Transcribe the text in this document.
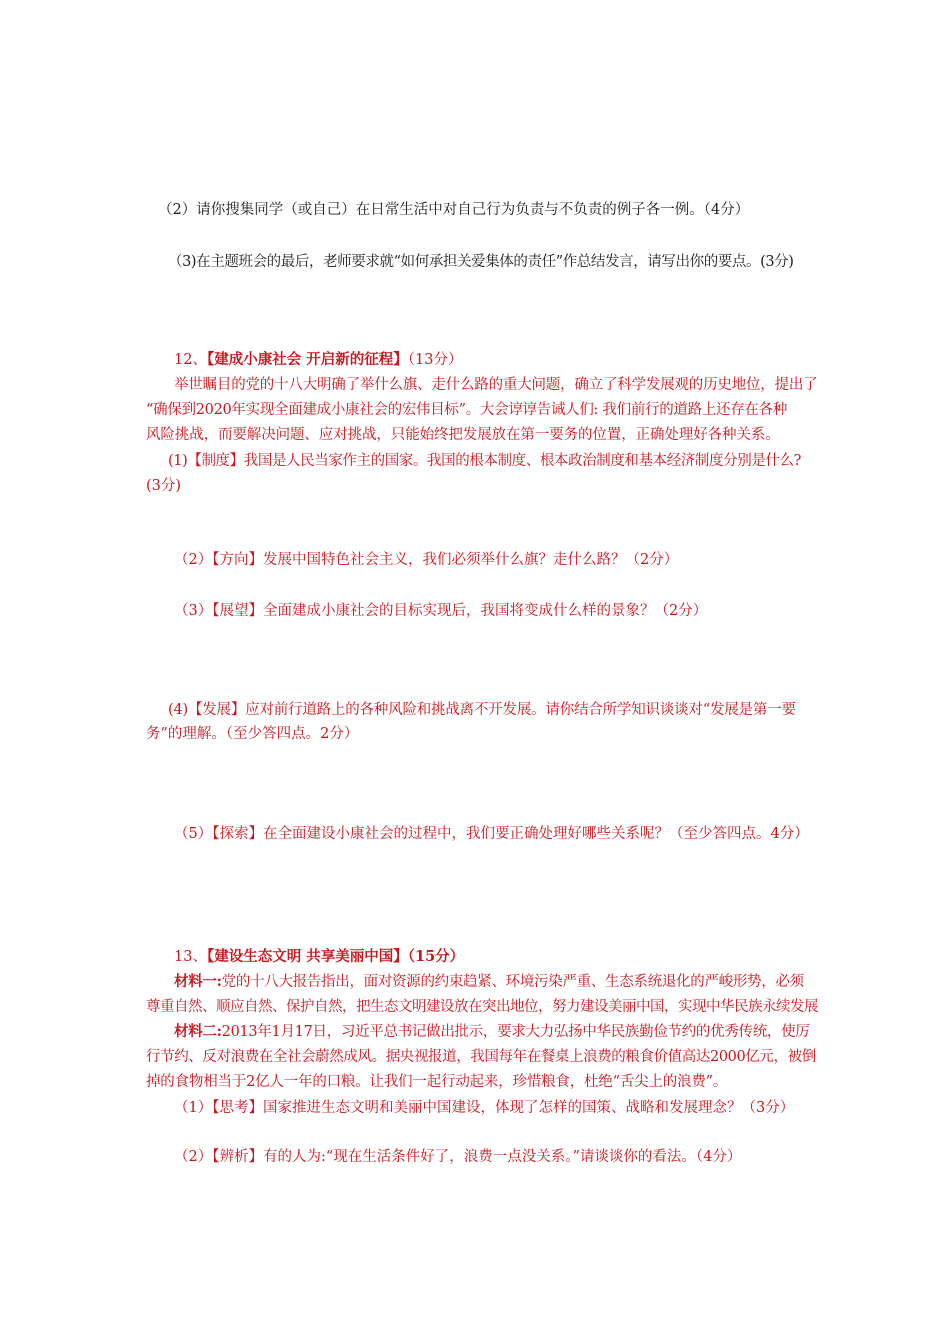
（2）请你搜集同学（或自己）在日常生活中对自己行为负责与不负责的例子各一例。（4分）
（3)在主题班会的最后，老师要求就“如何承担关爱集体的责任”作总结发言，请写出你的要点。(3分)
12、【建成小康社会 开启新的征程】（13分）
举世瞩目的党的十八大明确了举什么旗、走什么路的重大问题，确立了科学发展观的历史地位，提出了
“确保到2020年实现全面建成小康社会的宏伟目标”。大会谆谆告诫人们: 我们前行的道路上还存在各种
风险挑战，而要解决问题、应对挑战，只能始终把发展放在第一要务的位置，正确处理好各种关系。
(1)【制度】我国是人民当家作主的国家。我国的根本制度、根本政治制度和基本经济制度分别是什么?
(3分)
（2）【方向】发展中国特色社会主义，我们必须举什么旗？走什么路？（2分）
（3）【展望】全面建成小康社会的目标实现后，我国将变成什么样的景象？（2分）
(4)【发展】应对前行道路上的各种风险和挑战离不开发展。请你结合所学知识谈谈对“发展是第一要
务”的理解。（至少答四点。2分）
（5）【探索】在全面建设小康社会的过程中，我们要正确处理好哪些关系呢？（至少答四点。4分）
13、【建设生态文明 共享美丽中国】（15分）
材料一:党的十八大报告指出，面对资源的约束趋紧、环境污染严重、生态系统退化的严峻形势，必须
尊重自然、顺应自然、保护自然，把生态文明建设放在突出地位，努力建设美丽中国，实现中华民族永续发展
材料二:2013年1月17日，习近平总书记做出批示，要求大力弘扬中华民族勤俭节约的优秀传统，使厉
行节约、反对浪费在全社会蔚然成风。据央视报道，我国每年在餐桌上浪费的粮食价值高达2000亿元，被倒
掉的食物相当于2亿人一年的口粮。让我们一起行动起来，珍惜粮食，杜绝“舌尖上的浪费”。
（1）【思考】国家推进生态文明和美丽中国建设，体现了怎样的国策、战略和发展理念？（3分）
（2）【辨析】有的人为:“现在生活条件好了，浪费一点没关系。”请谈谈你的看法。（4分）
